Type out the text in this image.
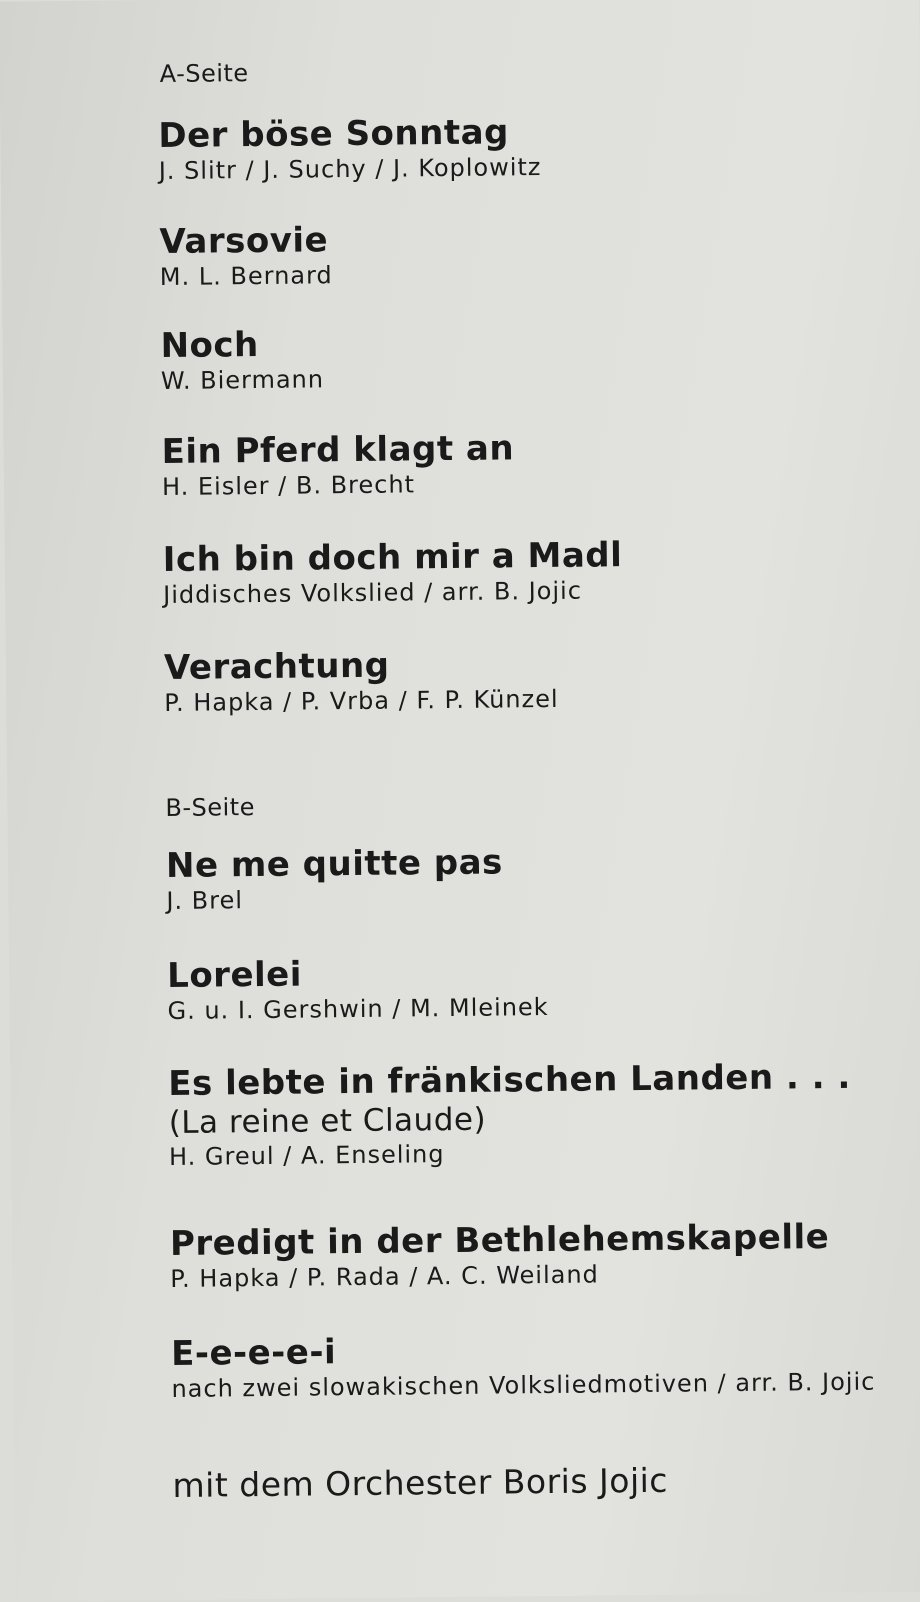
A-Seite
Der böse Sonntag
J. Slitr / J. Suchy / J. Koplowitz
Varsovie
M. L. Bernard
Noch
W. Biermann
Ein Pferd klagt an
H. Eisler / B. Brecht
Ich bin doch mir a Madl
Jiddisches Volkslied / arr. B. Jojic
Verachtung
P. Hapka / P. Vrba / F. P. Künzel
B-Seite
Ne me quitte pas
J. Brel
Lorelei
G. u. I. Gershwin / M. Mleinek
Es lebte in fränkischen Landen . . .
(La reine et Claude)
H. Greul / A. Enseling
Predigt in der Bethlehemskapelle
P. Hapka / P. Rada / A. C. Weiland
E-e-e-e-i
nach zwei slowakischen Volksliedmotiven / arr. B. Jojic
mit dem Orchester Boris Jojic
